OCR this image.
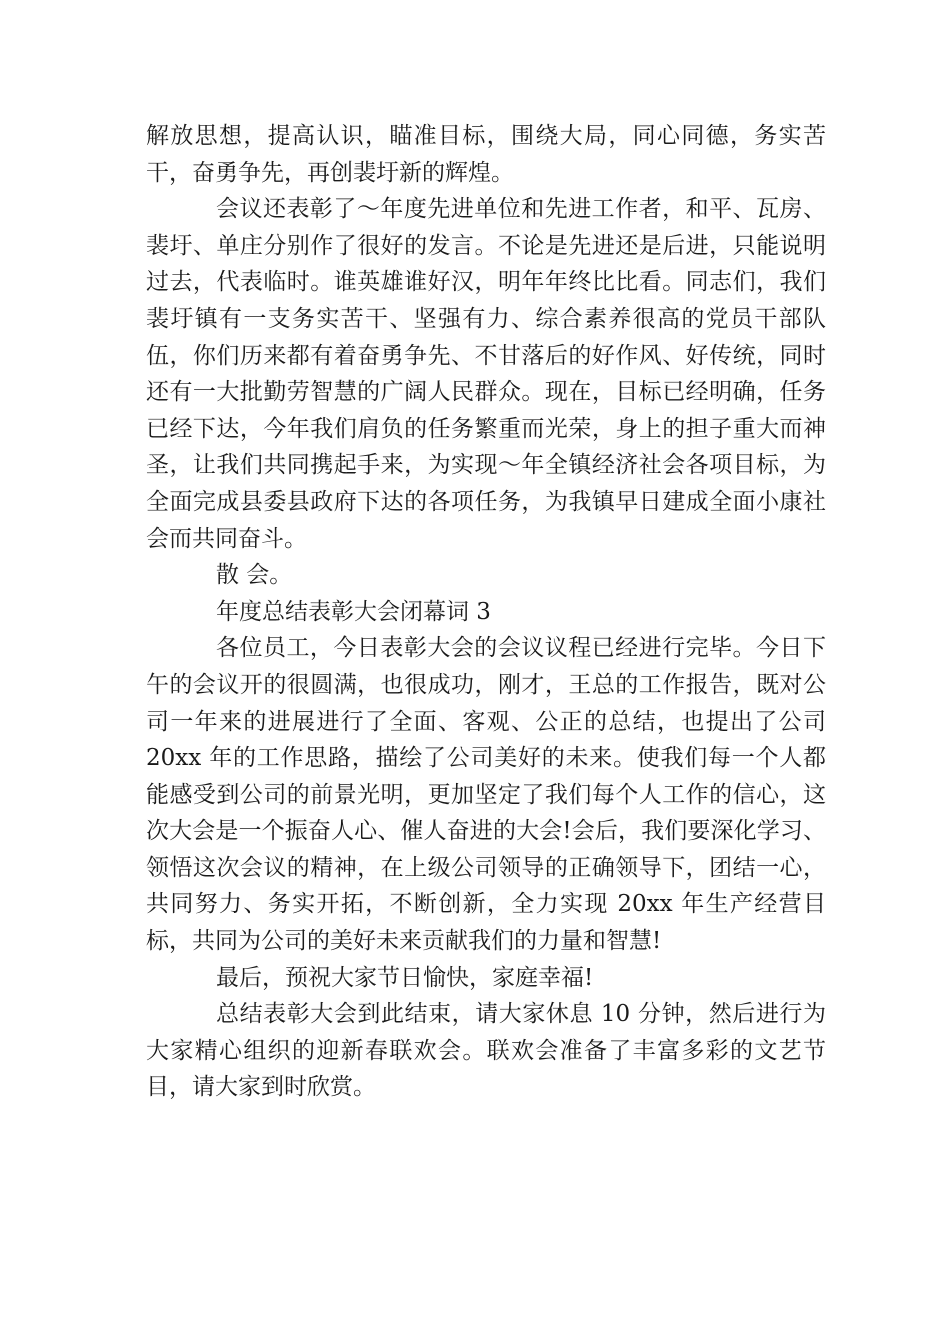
解放思想，提高认识，瞄准目标，围绕大局，同心同德，务实苦干，奋勇争先，再创裴圩新的辉煌。

会议还表彰了～年度先进单位和先进工作者，和平、瓦房、裴圩、单庄分别作了很好的发言。不论是先进还是后进，只能说明过去，代表临时。谁英雄谁好汉，明年年终比比看。同志们，我们裴圩镇有一支务实苦干、坚强有力、综合素养很高的党员干部队伍，你们历来都有着奋勇争先、不甘落后的好作风、好传统，同时还有一大批勤劳智慧的广阔人民群众。现在，目标已经明确，任务已经下达，今年我们肩负的任务繁重而光荣，身上的担子重大而神圣，让我们共同携起手来，为实现～年全镇经济社会各项目标，为全面完成县委县政府下达的各项任务，为我镇早日建成全面小康社会而共同奋斗。

散 会。

年度总结表彰大会闭幕词 3

各位员工，今日表彰大会的会议议程已经进行完毕。今日下午的会议开的很圆满，也很成功，刚才，王总的工作报告，既对公司一年来的进展进行了全面、客观、公正的总结，也提出了公司 20xx 年的工作思路，描绘了公司美好的未来。使我们每一个人都能感受到公司的前景光明，更加坚定了我们每个人工作的信心，这次大会是一个振奋人心、催人奋进的大会!会后，我们要深化学习、领悟这次会议的精神，在上级公司领导的正确领导下，团结一心，共同努力、务实开拓，不断创新，全力实现 20xx 年生产经营目标，共同为公司的美好未来贡献我们的力量和智慧!

最后，预祝大家节日愉快，家庭幸福!

总结表彰大会到此结束，请大家休息 10 分钟，然后进行为大家精心组织的迎新春联欢会。联欢会准备了丰富多彩的文艺节目，请大家到时欣赏。
